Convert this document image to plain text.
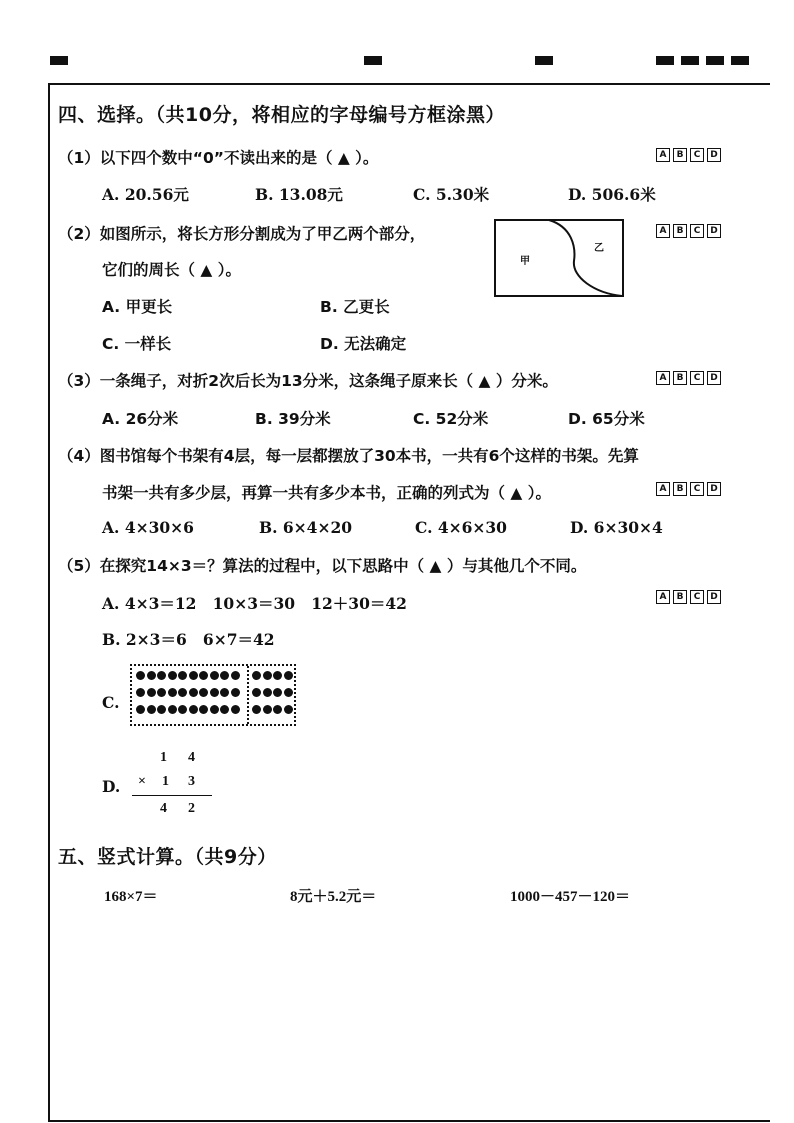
四、选择。（共10分，将相应的字母编号方框涂黑）
（1）以下四个数中“0”不读出来的是（ ▲ ）。	A	B	C	D
A. 20.56元	B. 13.08元	C. 5.30米	D. 506.6米
（2）如图所示，将长方形分割成为了甲乙两个部分，
它们的周长（ ▲ ）。	甲
乙
A	B	C	D
A. 甲更长	B. 乙更长
C. 一样长	D. 无法确定
（3）一条绳子，对折2次后长为13分米，这条绳子原来长（ ▲ ）分米。	A	B	C	D
A. 26分米	B. 39分米	C. 52分米	D. 65分米
（4）图书馆每个书架有4层，每一层都摆放了30本书，一共有6个这样的书架。先算
书架一共有多少层，再算一共有多少本书，正确的列式为（ ▲ ）。	A	B	C	D
A. 4×30×6	B. 6×4×20	C. 4×6×30	D. 6×30×4
（5）在探究14×3＝？算法的过程中，以下思路中（ ▲ ）与其他几个不同。
A	B	C	D
A. 4×3＝12   10×3＝30   12＋30＝42
B. 2×3＝6   6×7＝42
C.
D.
1 4
× 1 3
4 2
五、竖式计算。（共9分）
168×7＝	8元＋5.2元＝	1000－457－120＝
